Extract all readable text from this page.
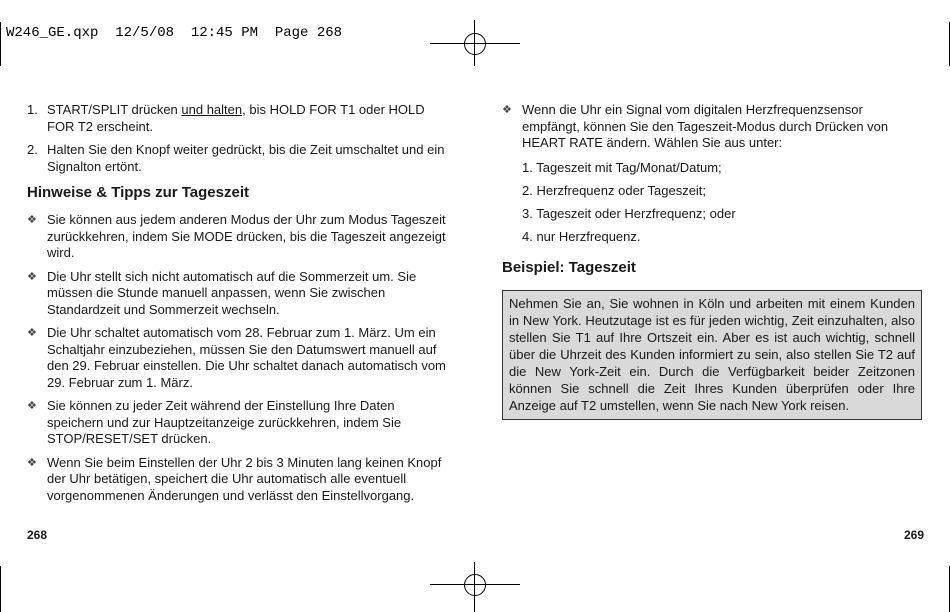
W246_GE.qxp  12/5/08  12:45 PM  Page 268
1. START/SPLIT drücken und halten, bis HOLD FOR T1 oder HOLD FOR T2 erscheint.
2. Halten Sie den Knopf weiter gedrückt, bis die Zeit umschaltet und ein Signalton ertönt.
Hinweise & Tipps zur Tageszeit
❖ Sie können aus jedem anderen Modus der Uhr zum Modus Tageszeit zurückkehren, indem Sie MODE drücken, bis die Tageszeit angezeigt wird.
❖ Die Uhr stellt sich nicht automatisch auf die Sommerzeit um. Sie müssen die Stunde manuell anpassen, wenn Sie zwischen Standardzeit und Sommerzeit wechseln.
❖ Die Uhr schaltet automatisch vom 28. Februar zum 1. März. Um ein Schaltjahr einzubeziehen, müssen Sie den Datumswert manuell auf den 29. Februar einstellen. Die Uhr schaltet danach automatisch vom 29. Februar zum 1. März.
❖ Sie können zu jeder Zeit während der Einstellung Ihre Daten speichern und zur Hauptzeitanzeige zurückkehren, indem Sie STOP/RESET/SET drücken.
❖ Wenn Sie beim Einstellen der Uhr 2 bis 3 Minuten lang keinen Knopf der Uhr betätigen, speichert die Uhr automatisch alle eventuell vorgenommenen Änderungen und verlässt den Einstellvorgang.
268
❖ Wenn die Uhr ein Signal vom digitalen Herzfrequenzsensor empfängt, können Sie den Tageszeit-Modus durch Drücken von HEART RATE ändern. Wählen Sie aus unter:
1. Tageszeit mit Tag/Monat/Datum;
2. Herzfrequenz oder Tageszeit;
3. Tageszeit oder Herzfrequenz; oder
4. nur Herzfrequenz.
Beispiel: Tageszeit
Nehmen Sie an, Sie wohnen in Köln und arbeiten mit einem Kunden in New York. Heutzutage ist es für jeden wichtig, Zeit einzuhalten, also stellen Sie T1 auf Ihre Ortszeit ein. Aber es ist auch wichtig, schnell über die Uhrzeit des Kunden informiert zu sein, also stellen Sie T2 auf die New York-Zeit ein. Durch die Verfügbarkeit beider Zeitzonen können Sie schnell die Zeit Ihres Kunden überprüfen oder Ihre Anzeige auf T2 umstellen, wenn Sie nach New York reisen.
269
